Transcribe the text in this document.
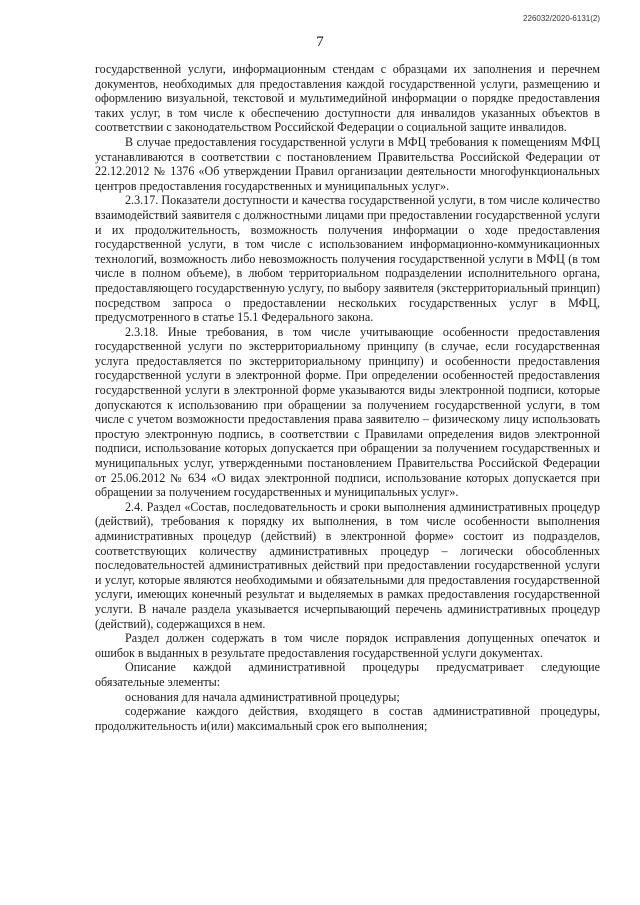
226032/2020-6131(2)
7

государственной услуги, информационным стендам с образцами их заполнения и перечнем документов, необходимых для предоставления каждой государственной услуги, размещению и оформлению визуальной, текстовой и мультимедийной информации о порядке предоставления таких услуг, в том числе к обеспечению доступности для инвалидов указанных объектов в соответствии с законодательством Российской Федерации о социальной защите инвалидов.

В случае предоставления государственной услуги в МФЦ требования к помещениям МФЦ устанавливаются в соответствии с постановлением Правительства Российской Федерации от 22.12.2012 № 1376 «Об утверждении Правил организации деятельности многофункциональных центров предоставления государственных и муниципальных услуг».

2.3.17. Показатели доступности и качества государственной услуги, в том числе количество взаимодействий заявителя с должностными лицами при предоставлении государственной услуги и их продолжительность, возможность получения информации о ходе предоставления государственной услуги, в том числе с использованием информационно-коммуникационных технологий, возможность либо невозможность получения государственной услуги в МФЦ (в том числе в полном объеме), в любом территориальном подразделении исполнительного органа, предоставляющего государственную услугу, по выбору заявителя (экстерриториальный принцип) посредством запроса о предоставлении нескольких государственных услуг в МФЦ, предусмотренного в статье 15.1 Федерального закона.

2.3.18. Иные требования, в том числе учитывающие особенности предоставления государственной услуги по экстерриториальному принципу (в случае, если государственная услуга предоставляется по экстерриториальному принципу) и особенности предоставления государственной услуги в электронной форме. При определении особенностей предоставления государственной услуги в электронной форме указываются виды электронной подписи, которые допускаются к использованию при обращении за получением государственной услуги, в том числе с учетом возможности предоставления права заявителю – физическому лицу использовать простую электронную подпись, в соответствии с Правилами определения видов электронной подписи, использование которых допускается при обращении за получением государственных и муниципальных услуг, утвержденными постановлением Правительства Российской Федерации от 25.06.2012 № 634 «О видах электронной подписи, использование которых допускается при обращении за получением государственных и муниципальных услуг».

2.4. Раздел «Состав, последовательность и сроки выполнения административных процедур (действий), требования к порядку их выполнения, в том числе особенности выполнения административных процедур (действий) в электронной форме» состоит из подразделов, соответствующих количеству административных процедур – логически обособленных последовательностей административных действий при предоставлении государственной услуги и услуг, которые являются необходимыми и обязательными для предоставления государственной услуги, имеющих конечный результат и выделяемых в рамках предоставления государственной услуги. В начале раздела указывается исчерпывающий перечень административных процедур (действий), содержащихся в нем.

Раздел должен содержать в том числе порядок исправления допущенных опечаток и ошибок в выданных в результате предоставления государственной услуги документах.

Описание каждой административной процедуры предусматривает следующие обязательные элементы:

основания для начала административной процедуры;

содержание каждого действия, входящего в состав административной процедуры, продолжительность и(или) максимальный срок его выполнения;
